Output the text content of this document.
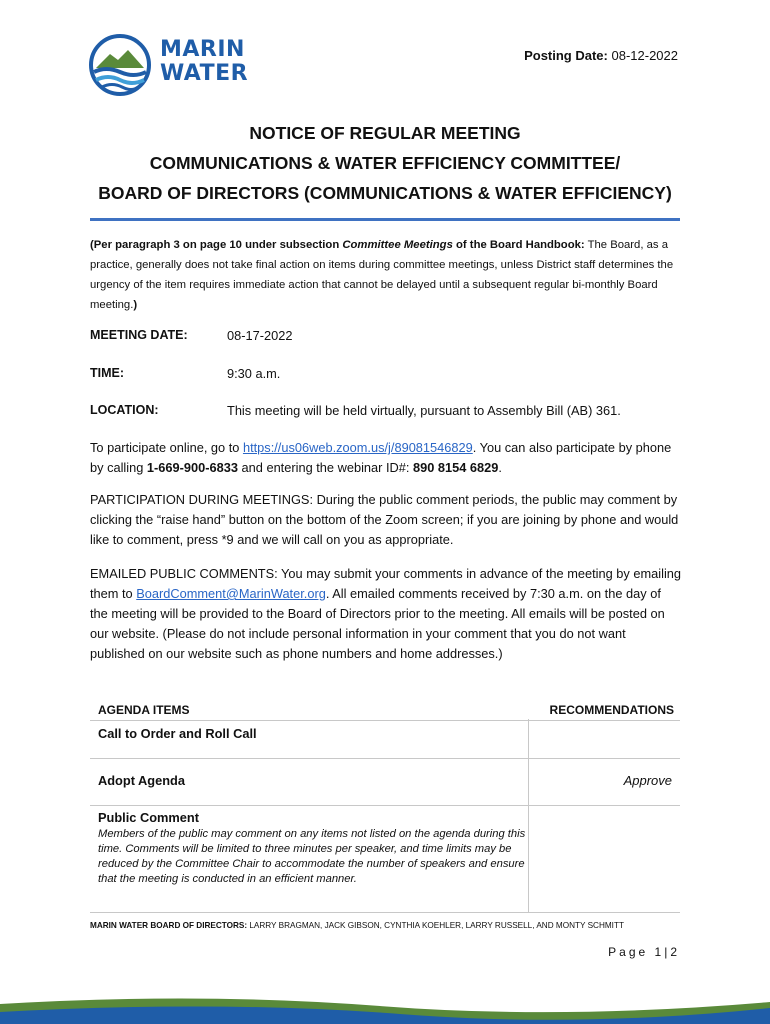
MARIN
WATER
Posting Date: 08-12-2022
NOTICE OF REGULAR MEETING
COMMUNICATIONS & WATER EFFICIENCY COMMITTEE/
BOARD OF DIRECTORS (COMMUNICATIONS & WATER EFFICIENCY)
(Per paragraph 3 on page 10 under subsection Committee Meetings of the Board Handbook: The Board, as a practice, generally does not take final action on items during committee meetings, unless District staff determines the urgency of the item requires immediate action that cannot be delayed until a subsequent regular bi-monthly Board meeting.)
MEETING DATE:	08-17-2022
TIME:	9:30 a.m.
LOCATION:	This meeting will be held virtually, pursuant to Assembly Bill (AB) 361.
To participate online, go to https://us06web.zoom.us/j/89081546829. You can also participate by phone by calling 1-669-900-6833 and entering the webinar ID#: 890 8154 6829.
PARTICIPATION DURING MEETINGS: During the public comment periods, the public may comment by clicking the “raise hand” button on the bottom of the Zoom screen; if you are joining by phone and would like to comment, press *9 and we will call on you as appropriate.
EMAILED PUBLIC COMMENTS: You may submit your comments in advance of the meeting by emailing them to BoardComment@MarinWater.org. All emailed comments received by 7:30 a.m. on the day of the meeting will be provided to the Board of Directors prior to the meeting. All emails will be posted on our website. (Please do not include personal information in your comment that you do not want published on our website such as phone numbers and home addresses.)
AGENDA ITEMS	RECOMMENDATIONS
Call to Order and Roll Call
Adopt Agenda	Approve
Public Comment
Members of the public may comment on any items not listed on the agenda during this time. Comments will be limited to three minutes per speaker, and time limits may be reduced by the Committee Chair to accommodate the number of speakers and ensure that the meeting is conducted in an efficient manner.
MARIN WATER BOARD OF DIRECTORS: LARRY BRAGMAN, JACK GIBSON, CYNTHIA KOEHLER, LARRY RUSSELL, AND MONTY SCHMITT
Page 1|2
